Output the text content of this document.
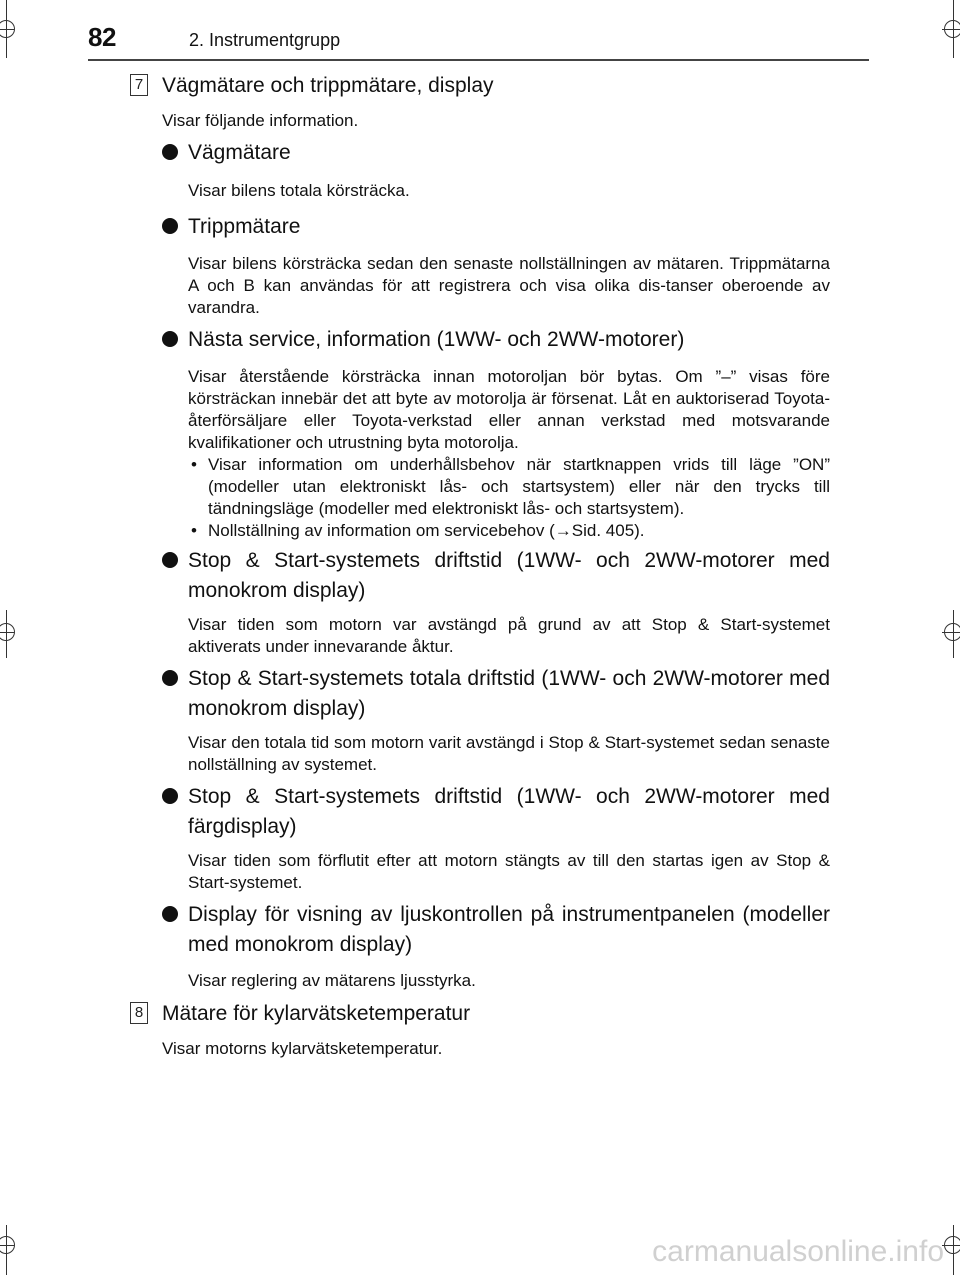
82	2. Instrumentgrupp
7 Vägmätare och trippmätare, display
Visar följande information.
Vägmätare
Visar bilens totala körsträcka.
Trippmätare
Visar bilens körsträcka sedan den senaste nollställningen av mätaren. Trippmätarna A och B kan användas för att registrera och visa olika dis-tanser oberoende av varandra.
Nästa service, information (1WW- och 2WW-motorer)
Visar återstående körsträcka innan motoroljan bör bytas. Om ”–” visas före körsträckan innebär det att byte av motorolja är försenat. Låt en auktoriserad Toyota-återförsäljare eller Toyota-verkstad eller annan verkstad med motsvarande kvalifikationer och utrustning byta motorolja.
• Visar information om underhållsbehov när startknappen vrids till läge ”ON” (modeller utan elektroniskt lås- och startsystem) eller när den trycks till tändningsläge (modeller med elektroniskt lås- och startsystem).
• Nollställning av information om servicebehov (→Sid. 405).
Stop & Start-systemets driftstid (1WW- och 2WW-motorer med monokrom display)
Visar tiden som motorn var avstängd på grund av att Stop & Start-systemet aktiverats under innevarande åktur.
Stop & Start-systemets totala driftstid (1WW- och 2WW-motorer med monokrom display)
Visar den totala tid som motorn varit avstängd i Stop & Start-systemet sedan senaste nollställning av systemet.
Stop & Start-systemets driftstid (1WW- och 2WW-motorer med färgdisplay)
Visar tiden som förflutit efter att motorn stängts av till den startas igen av Stop & Start-systemet.
Display för visning av ljuskontrollen på instrumentpanelen (modeller med monokrom display)
Visar reglering av mätarens ljusstyrka.
8 Mätare för kylarvätsketemperatur
Visar motorns kylarvätsketemperatur.
carmanualsonline.info
